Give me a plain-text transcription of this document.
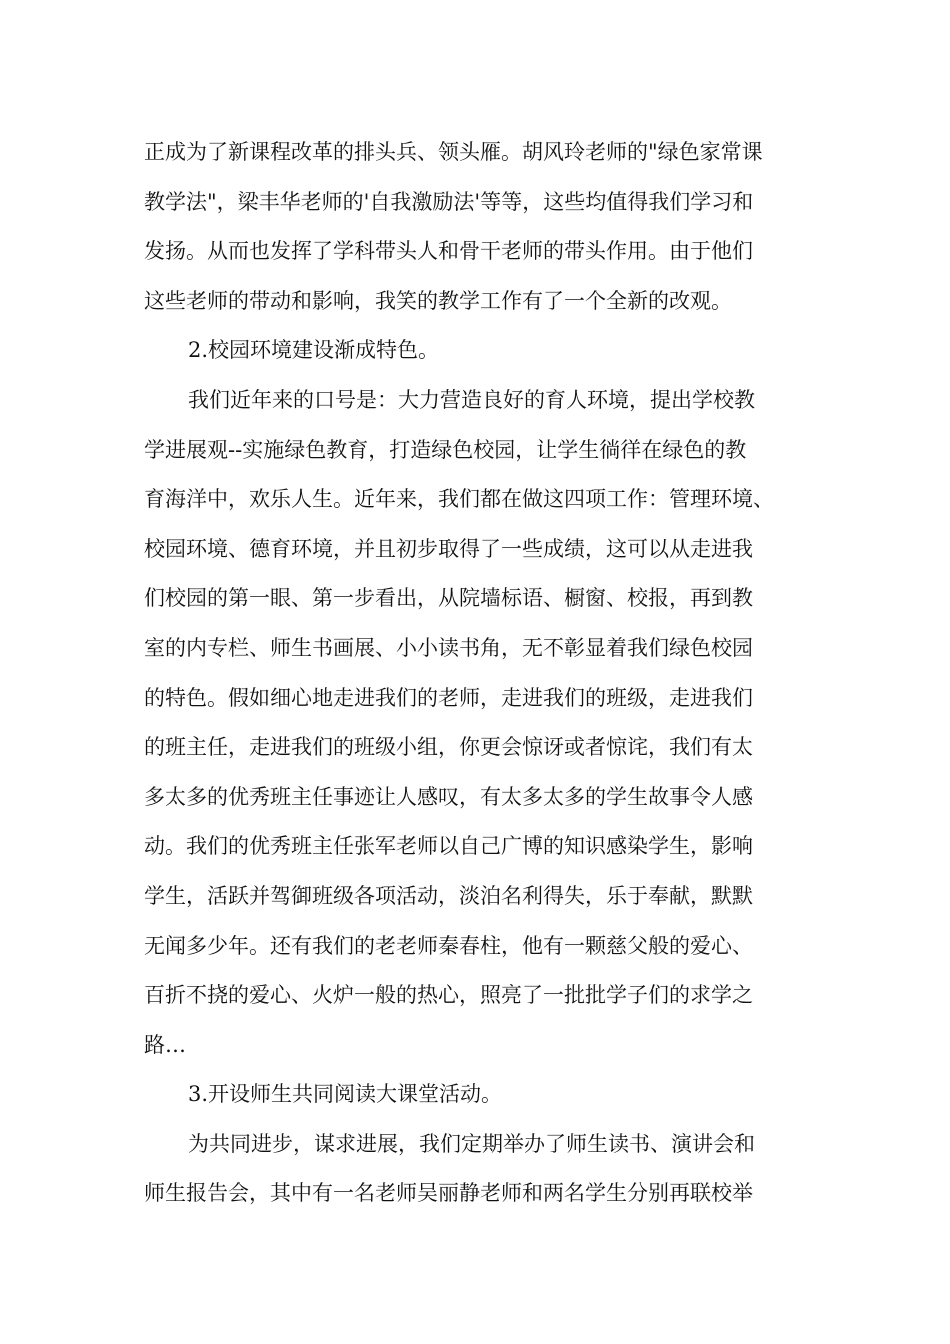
正成为了新课程改革的排头兵、领头雁。胡风玲老师的"绿色家常课
教学法"，梁丰华老师的'自我激励法'等等，这些均值得我们学习和
发扬。从而也发挥了学科带头人和骨干老师的带头作用。由于他们
这些老师的带动和影响，我笑的教学工作有了一个全新的改观。
2.校园环境建设渐成特色。
我们近年来的口号是：大力营造良好的育人环境，提出学校教
学进展观--实施绿色教育，打造绿色校园，让学生徜徉在绿色的教
育海洋中，欢乐人生。近年来，我们都在做这四项工作：管理环境、
校园环境、德育环境，并且初步取得了一些成绩，这可以从走进我
们校园的第一眼、第一步看出，从院墙标语、橱窗、校报，再到教
室的内专栏、师生书画展、小小读书角，无不彰显着我们绿色校园
的特色。假如细心地走进我们的老师，走进我们的班级，走进我们
的班主任，走进我们的班级小组，你更会惊讶或者惊诧，我们有太
多太多的优秀班主任事迹让人感叹，有太多太多的学生故事令人感
动。我们的优秀班主任张军老师以自己广博的知识感染学生，影响
学生，活跃并驾御班级各项活动，淡泊名利得失，乐于奉献，默默
无闻多少年。还有我们的老老师秦春柱，他有一颗慈父般的爱心、
百折不挠的爱心、火炉一般的热心，照亮了一批批学子们的求学之
路…
3.开设师生共同阅读大课堂活动。
为共同进步，谋求进展，我们定期举办了师生读书、演讲会和
师生报告会，其中有一名老师吴丽静老师和两名学生分别再联校举
